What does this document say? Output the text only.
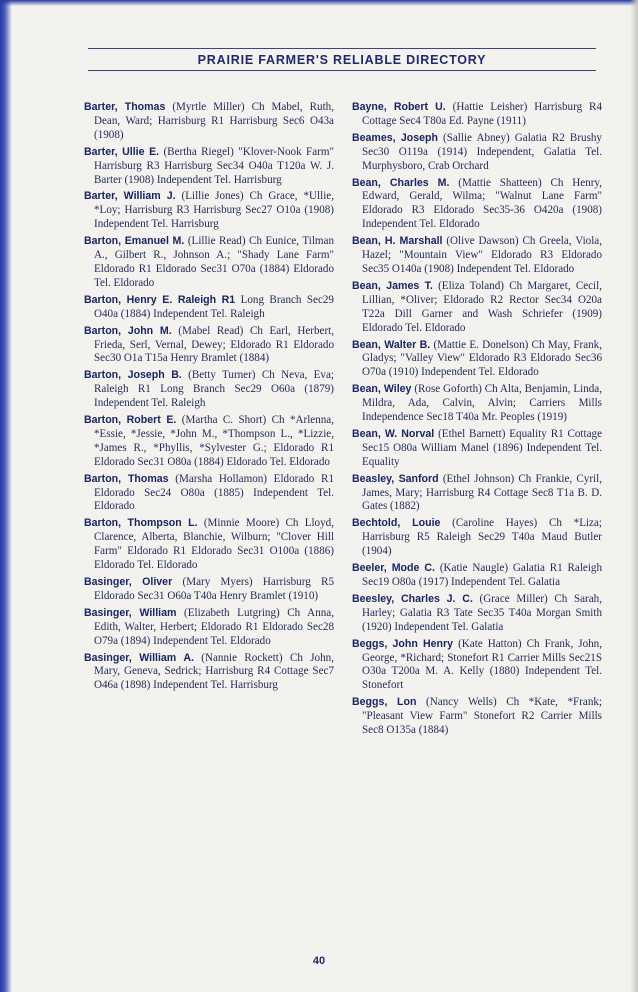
PRAIRIE FARMER'S RELIABLE DIRECTORY

Barter, Thomas (Myrtle Miller) Ch Mabel, Ruth, Dean, Ward; Harrisburg R1 Harrisburg Sec6 O43a (1908)

Barter, Ullie E. (Bertha Riegel) "Klover-Nook Farm" Harrisburg R3 Harrisburg Sec34 O40a T120a W. J. Barter (1908) Independent Tel. Harrisburg

Barter, William J. (Lillie Jones) Ch Grace, *Ullie, *Loy; Harrisburg R3 Harrisburg Sec27 O10a (1908) Independent Tel. Harrisburg

Barton, Emanuel M. (Lillie Read) Ch Eunice, Tilman A., Gilbert R., Johnson A.; "Shady Lane Farm" Eldorado R1 Eldorado Sec31 O70a (1884) Eldorado Tel. Eldorado

Barton, Henry E. Raleigh R1 Long Branch Sec29 O40a (1884) Independent Tel. Raleigh

Barton, John M. (Mabel Read) Ch Earl, Herbert, Frieda, Serl, Vernal, Dewey; Eldorado R1 Eldorado Sec30 O1a T15a Henry Bramlet (1884)

Barton, Joseph B. (Betty Turner) Ch Neva, Eva; Raleigh R1 Long Branch Sec29 O60a (1879) Independent Tel. Raleigh

Barton, Robert E. (Martha C. Short) Ch *Arlenna, *Essie, *Jessie, *John M., *Thompson L., *Lizzie, *James R., *Phyllis, *Sylvester G.; Eldorado R1 Eldorado Sec31 O80a (1884) Eldorado Tel. Eldorado

Barton, Thomas (Marsha Hollamon) Eldorado R1 Eldorado Sec24 O80a (1885) Independent Tel. Eldorado

Barton, Thompson L. (Minnie Moore) Ch Lloyd, Clarence, Alberta, Blanchie, Wilburn; "Clover Hill Farm" Eldorado R1 Eldorado Sec31 O100a (1886) Eldorado Tel. Eldorado

Basinger, Oliver (Mary Myers) Harrisburg R5 Eldorado Sec31 O60a T40a Henry Bramlet (1910)

Basinger, William (Elizabeth Lutgring) Ch Anna, Edith, Walter, Herbert; Eldorado R1 Eldorado Sec28 O79a (1894) Independent Tel. Eldorado

Basinger, William A. (Nannie Rockett) Ch John, Mary, Geneva, Sedrick; Harrisburg R4 Cottage Sec7 O46a (1898) Independent Tel. Harrisburg

Bayne, Robert U. (Hattie Leisher) Harrisburg R4 Cottage Sec4 T80a Ed. Payne (1911)

Beames, Joseph (Sallie Abney) Galatia R2 Brushy Sec30 O119a (1914) Independent, Galatia Tel. Murphysboro, Crab Orchard

Bean, Charles M. (Mattie Shatteen) Ch Henry, Edward, Gerald, Wilma; "Walnut Lane Farm" Eldorado R3 Eldorado Sec35-36 O420a (1908) Independent Tel. Eldorado

Bean, H. Marshall (Olive Dawson) Ch Greela, Viola, Hazel; "Mountain View" Eldorado R3 Eldorado Sec35 O140a (1908) Independent Tel. Eldorado

Bean, James T. (Eliza Toland) Ch Margaret, Cecil, Lillian, *Oliver; Eldorado R2 Rector Sec34 O20a T22a Dill Garner and Wash Schriefer (1909) Eldorado Tel. Eldorado

Bean, Walter B. (Mattie E. Donelson) Ch May, Frank, Gladys; "Valley View" Eldorado R3 Eldorado Sec36 O70a (1910) Independent Tel. Eldorado

Bean, Wiley (Rose Goforth) Ch Alta, Benjamin, Linda, Mildra, Ada, Calvin, Alvin; Carriers Mills Independence Sec18 T40a Mr. Peoples (1919)

Bean, W. Norval (Ethel Barnett) Equality R1 Cottage Sec15 O80a William Manel (1896) Independent Tel. Equality

Beasley, Sanford (Ethel Johnson) Ch Frankie, Cyril, James, Mary; Harrisburg R4 Cottage Sec8 T1a B. D. Gates (1882)

Bechtold, Louie (Caroline Hayes) Ch *Liza; Harrisburg R5 Raleigh Sec29 T40a Maud Butler (1904)

Beeler, Mode C. (Katie Naugle) Galatia R1 Raleigh Sec19 O80a (1917) Independent Tel. Galatia

Beesley, Charles J. C. (Grace Miller) Ch Sarah, Harley; Galatia R3 Tate Sec35 T40a Morgan Smith (1920) Independent Tel. Galatia

Beggs, John Henry (Kate Hatton) Ch Frank, John, George, *Richard; Stonefort R1 Carrier Mills Sec21S O30a T200a M. A. Kelly (1880) Independent Tel. Stonefort

Beggs, Lon (Nancy Wells) Ch *Kate, *Frank; "Pleasant View Farm" Stonefort R2 Carrier Mills Sec8 O135a (1884)

40
